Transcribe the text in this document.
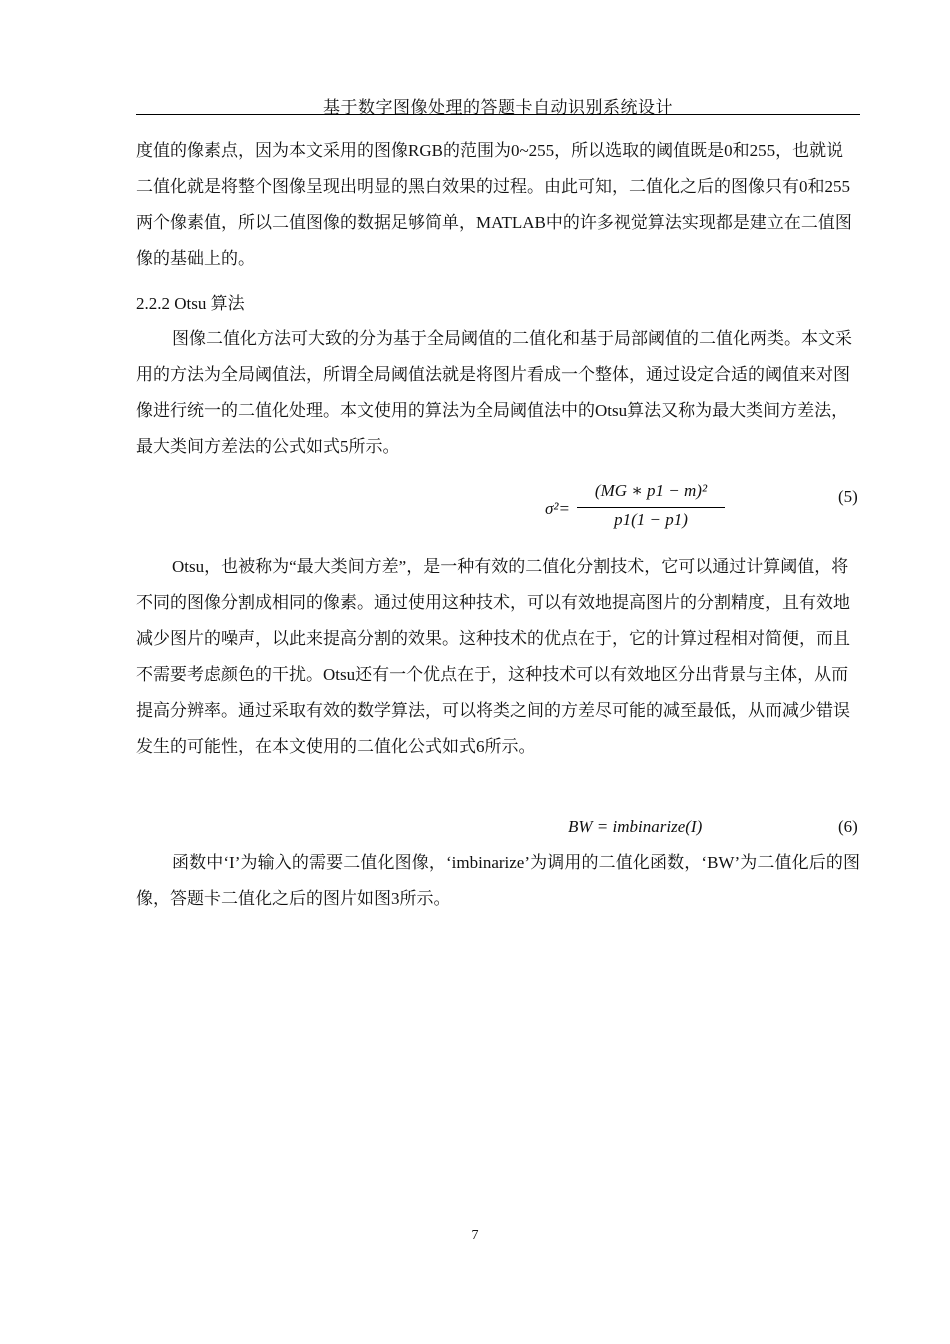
基于数字图像处理的答题卡自动识别系统设计
度值的像素点，因为本文采用的图像RGB的范围为0~255，所以选取的阈值既是0和255，也就说二值化就是将整个图像呈现出明显的黑白效果的过程。由此可知，二值化之后的图像只有0和255两个像素值，所以二值图像的数据足够简单，MATLAB中的许多视觉算法实现都是建立在二值图像的基础上的。
2.2.2 Otsu 算法
图像二值化方法可大致的分为基于全局阈值的二值化和基于局部阈值的二值化两类。本文采用的方法为全局阈值法，所谓全局阈值法就是将图片看成一个整体，通过设定合适的阈值来对图像进行统一的二值化处理。本文使用的算法为全局阈值法中的Otsu算法又称为最大类间方差法，最大类间方差法的公式如式5所示。
σ²=
(MG ∗ p1 − m)²
p1(1 − p1)
(5)
Otsu，也被称为“最大类间方差”，是一种有效的二值化分割技术，它可以通过计算阈值，将不同的图像分割成相同的像素。通过使用这种技术，可以有效地提高图片的分割精度，且有效地减少图片的噪声，以此来提高分割的效果。这种技术的优点在于，它的计算过程相对简便，而且不需要考虑颜色的干扰。Otsu还有一个优点在于，这种技术可以有效地区分出背景与主体，从而提高分辨率。通过采取有效的数学算法，可以将类之间的方差尽可能的减至最低，从而减少错误发生的可能性，在本文使用的二值化公式如式6所示。
BW = imbinarize(I)	(6)
函数中‘I’为输入的需要二值化图像，‘imbinarize’为调用的二值化函数，‘BW’为二值化后的图像，答题卡二值化之后的图片如图3所示。
7
